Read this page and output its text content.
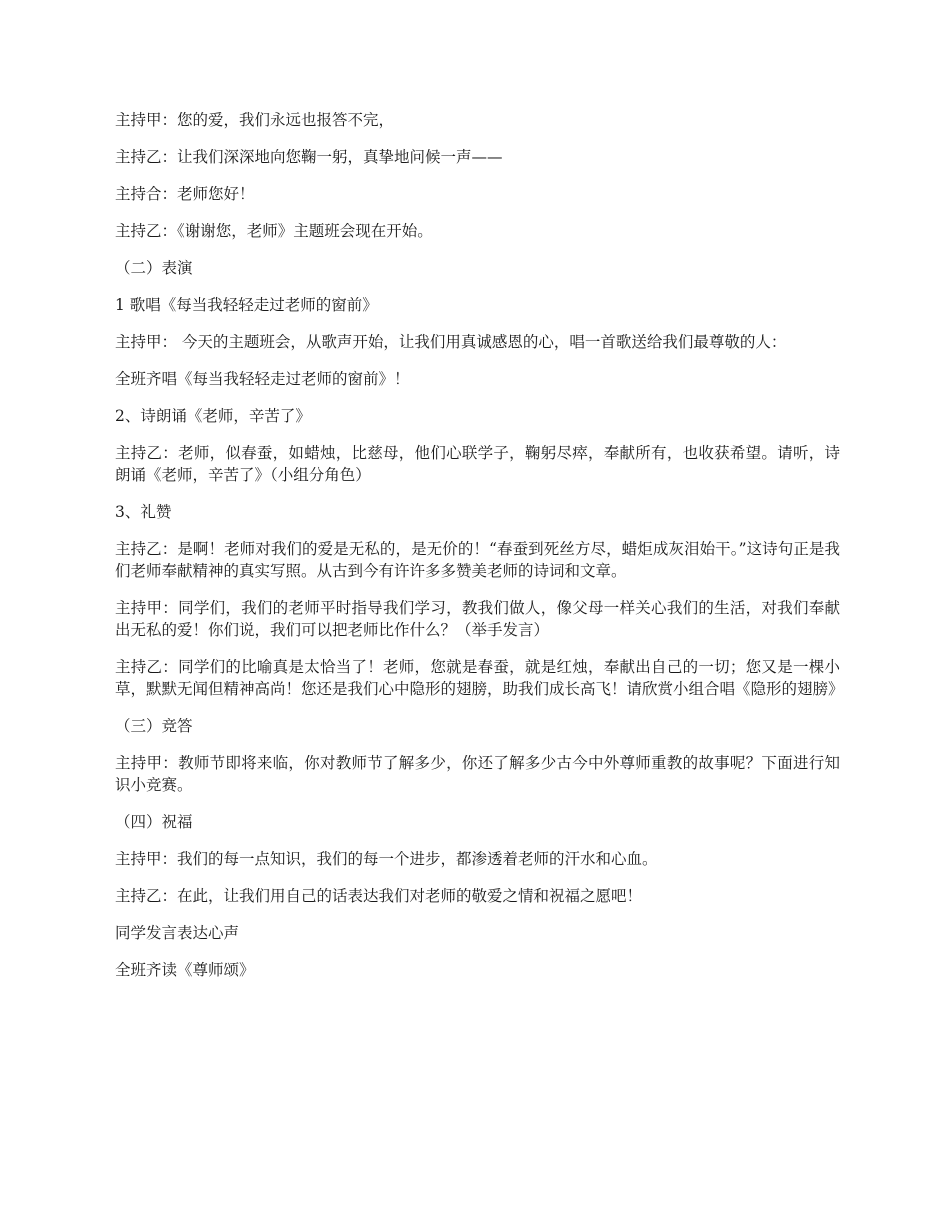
主持甲：您的爱，我们永远也报答不完，

主持乙：让我们深深地向您鞠一躬，真挚地问候一声——

主持合：老师您好！

主持乙：《谢谢您，老师》主题班会现在开始。

（二）表演

1 歌唱《每当我轻轻走过老师的窗前》

主持甲： 今天的主题班会，从歌声开始，让我们用真诚感恩的心，唱一首歌送给我们最尊敬的人：

全班齐唱《每当我轻轻走过老师的窗前》！

2、诗朗诵《老师，辛苦了》

主持乙：老师，似春蚕，如蜡烛，比慈母，他们心联学子，鞠躬尽瘁，奉献所有，也收获希望。请听，诗朗诵《老师，辛苦了》（小组分角色）

3、礼赞

主持乙：是啊！老师对我们的爱是无私的，是无价的！“春蚕到死丝方尽，蜡炬成灰泪始干。”这诗句正是我们老师奉献精神的真实写照。从古到今有许许多多赞美老师的诗词和文章。

主持甲：同学们，我们的老师平时指导我们学习，教我们做人，像父母一样关心我们的生活，对我们奉献出无私的爱！你们说，我们可以把老师比作什么？（举手发言）

主持乙：同学们的比喻真是太恰当了！老师，您就是春蚕，就是红烛，奉献出自己的一切；您又是一棵小草，默默无闻但精神高尚！您还是我们心中隐形的翅膀，助我们成长高飞！请欣赏小组合唱《隐形的翅膀》

（三）竞答

主持甲：教师节即将来临，你对教师节了解多少，你还了解多少古今中外尊师重教的故事呢？下面进行知识小竞赛。

（四）祝福

主持甲：我们的每一点知识，我们的每一个进步，都渗透着老师的汗水和心血。

主持乙：在此，让我们用自己的话表达我们对老师的敬爱之情和祝福之愿吧！

同学发言表达心声

全班齐读《尊师颂》
